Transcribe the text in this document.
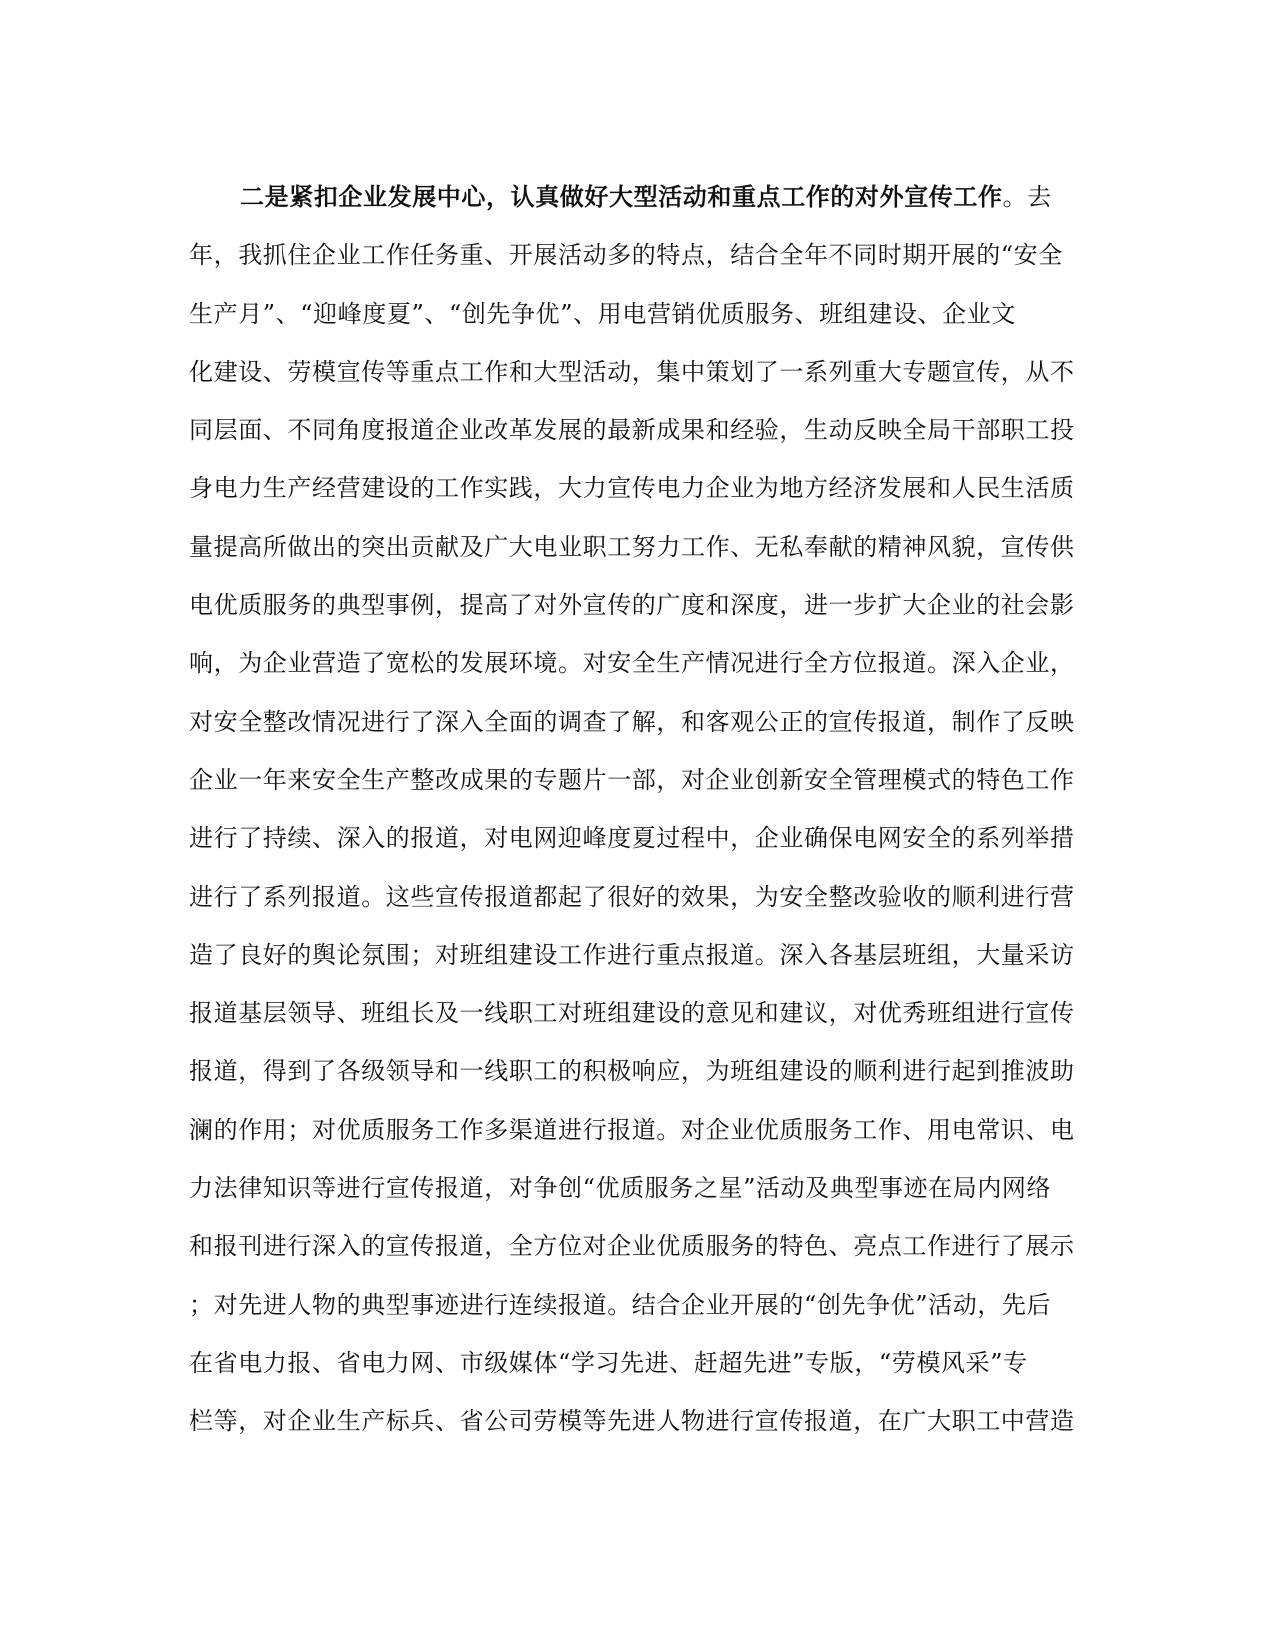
二是紧扣企业发展中心，认真做好大型活动和重点工作的对外宣传工作。去
年，我抓住企业工作任务重、开展活动多的特点，结合全年不同时期开展的“安全
生产月”、“迎峰度夏”、“创先争优”、用电营销优质服务、班组建设、企业文
化建设、劳模宣传等重点工作和大型活动，集中策划了一系列重大专题宣传，从不
同层面、不同角度报道企业改革发展的最新成果和经验，生动反映全局干部职工投
身电力生产经营建设的工作实践，大力宣传电力企业为地方经济发展和人民生活质
量提高所做出的突出贡献及广大电业职工努力工作、无私奉献的精神风貌，宣传供
电优质服务的典型事例，提高了对外宣传的广度和深度，进一步扩大企业的社会影
响，为企业营造了宽松的发展环境。对安全生产情况进行全方位报道。深入企业，
对安全整改情况进行了深入全面的调查了解，和客观公正的宣传报道，制作了反映
企业一年来安全生产整改成果的专题片一部，对企业创新安全管理模式的特色工作
进行了持续、深入的报道，对电网迎峰度夏过程中，企业确保电网安全的系列举措
进行了系列报道。这些宣传报道都起了很好的效果，为安全整改验收的顺利进行营
造了良好的舆论氛围；对班组建设工作进行重点报道。深入各基层班组，大量采访
报道基层领导、班组长及一线职工对班组建设的意见和建议，对优秀班组进行宣传
报道，得到了各级领导和一线职工的积极响应，为班组建设的顺利进行起到推波助
澜的作用；对优质服务工作多渠道进行报道。对企业优质服务工作、用电常识、电
力法律知识等进行宣传报道，对争创“优质服务之星”活动及典型事迹在局内网络
和报刊进行深入的宣传报道，全方位对企业优质服务的特色、亮点工作进行了展示
；对先进人物的典型事迹进行连续报道。结合企业开展的“创先争优”活动，先后
在省电力报、省电力网、市级媒体“学习先进、赶超先进”专版，“劳模风采”专
栏等，对企业生产标兵、省公司劳模等先进人物进行宣传报道，在广大职工中营造
